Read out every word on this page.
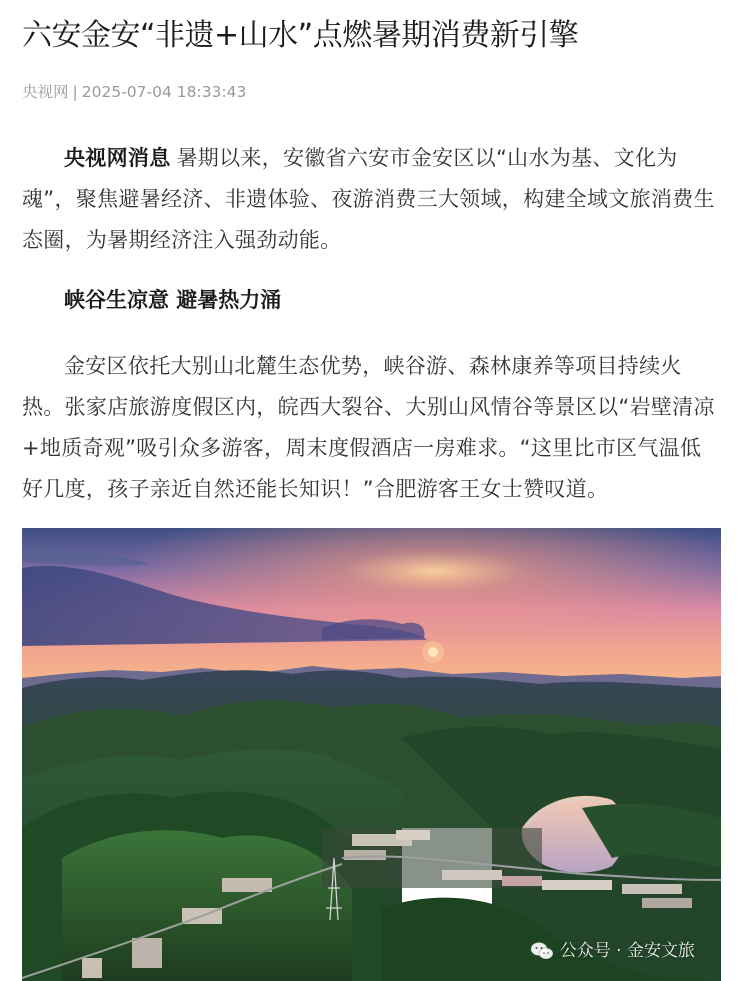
六安金安“非遗+山水”点燃暑期消费新引擎
央视网 | 2025-07-04 18:33:43

央视网消息 暑期以来，安徽省六安市金安区以“山水为基、文化为魂”，聚焦避暑经济、非遗体验、夜游消费三大领域，构建全域文旅消费生态圈，为暑期经济注入强劲动能。

峡谷生凉意 避暑热力涌

金安区依托大别山北麓生态优势，峡谷游、森林康养等项目持续火热。张家店旅游度假区内，皖西大裂谷、大别山风情谷等景区以“岩壁清凉+地质奇观”吸引众多游客，周末度假酒店一房难求。“这里比市区气温低好几度，孩子亲近自然还能长知识！”合肥游客王女士赞叹道。

公众号 · 金安文旅
